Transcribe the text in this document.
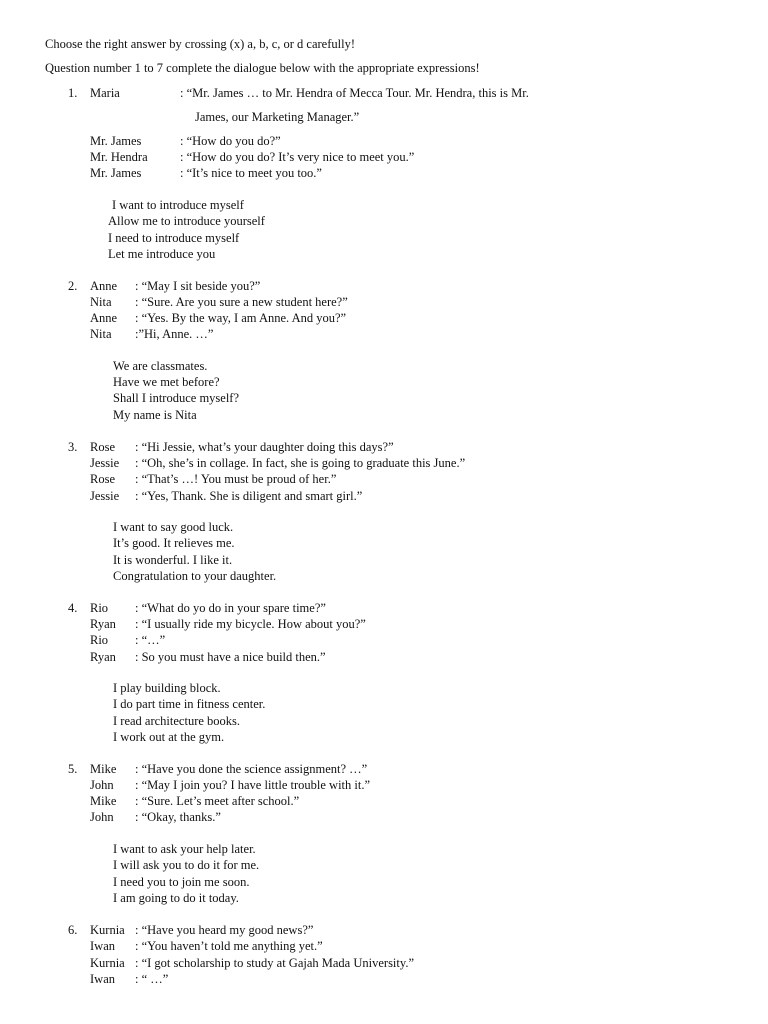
Choose the right answer by crossing (x) a, b, c, or d carefully!
Question number 1 to 7 complete the dialogue below with the appropriate expressions!
1. Maria	: “Mr. James … to Mr. Hendra of Mecca Tour. Mr. Hendra, this is Mr.
James, our Marketing Manager.”
Mr. James	: “How do you do?”
Mr. Hendra	: “How do you do? It’s very nice to meet you.”
Mr. James	: “It’s nice to meet you too.”
I want to introduce myself
Allow me to introduce yourself
I need to introduce myself
Let me introduce you
2. Anne : “May I sit beside you?”
Nita : “Sure. Are you sure a new student here?”
Anne : “Yes. By the way, I am Anne. And you?”
Nita :”Hi, Anne. …”
We are classmates.
Have we met before?
Shall I introduce myself?
My name is Nita
3. Rose : “Hi Jessie, what’s your daughter doing this days?”
Jessie : “Oh, she’s in collage. In fact, she is going to graduate this June.”
Rose : “That’s …! You must be proud of her.”
Jessie : “Yes, Thank. She is diligent and smart girl.”
I want to say good luck.
It’s good. It relieves me.
It is wonderful. I like it.
Congratulation to your daughter.
4. Rio : “What do yo do in your spare time?”
Ryan : “I usually ride my bicycle. How about you?”
Rio : “…”
Ryan : So you must have a nice build then.”
I play building block.
I do part time in fitness center.
I read architecture books.
I work out at the gym.
5. Mike : “Have you done the science assignment? …”
John : “May I join you? I have little trouble with it.”
Mike : “Sure. Let’s meet after school.”
John : “Okay, thanks.”
I want to ask your help later.
I will ask you to do it for me.
I need you to join me soon.
I am going to do it today.
6. Kurnia : “Have you heard my good news?”
Iwan : “You haven’t told me anything yet.”
Kurnia : “I got scholarship to study at Gajah Mada University.”
Iwan : “ …”
